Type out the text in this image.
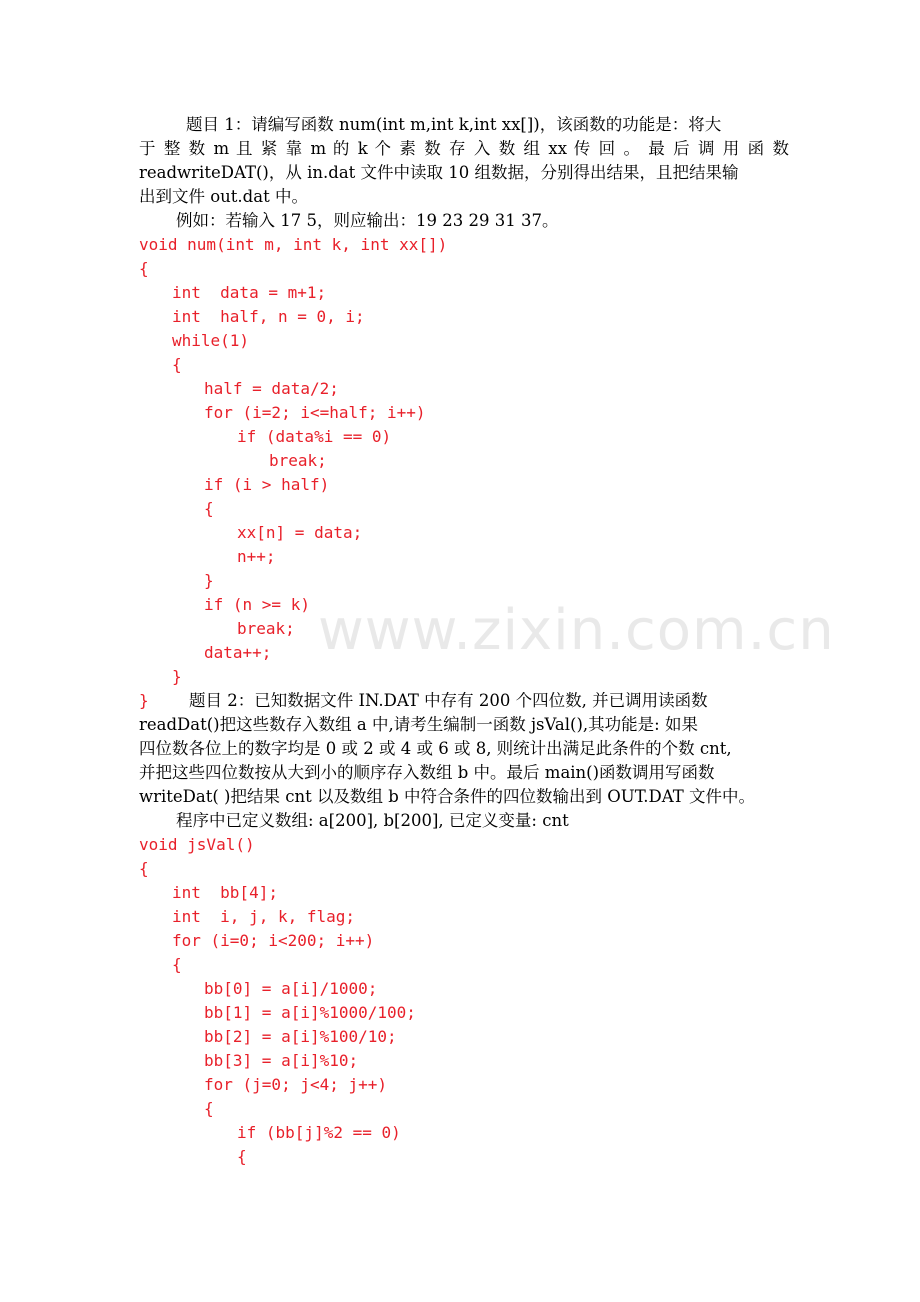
www.zixin.com.cn
题目 1：请编写函数 num(int m,int k,int xx[])，该函数的功能是：将大
于 整 数 m 且 紧 靠 m 的 k 个 素 数 存 入 数 组 xx 传 回 。 最 后 调 用 函 数
readwriteDAT()，从 in.dat 文件中读取 10 组数据，分别得出结果，且把结果输
出到文件 out.dat 中。
例如：若输入 17 5，则应输出：19 23 29 31 37。
void num(int m, int k, int xx[])
{
int  data = m+1;
int  half, n = 0, i;
while(1)
{
half = data/2;
for (i=2; i<=half; i++)
if (data%i == 0)
break;
if (i > half)
{
xx[n] = data;
n++;
}
if (n >= k)
break;
data++;
}
} 题目 2：已知数据文件 IN.DAT 中存有 200 个四位数, 并已调用读函数
readDat()把这些数存入数组 a 中,请考生编制一函数 jsVal(),其功能是: 如果
四位数各位上的数字均是 0 或 2 或 4 或 6 或 8, 则统计出满足此条件的个数 cnt,
并把这些四位数按从大到小的顺序存入数组 b 中。最后 main()函数调用写函数
writeDat( )把结果 cnt 以及数组 b 中符合条件的四位数输出到 OUT.DAT 文件中。
程序中已定义数组: a[200], b[200], 已定义变量: cnt
void jsVal()
{
int  bb[4];
int  i, j, k, flag;
for (i=0; i<200; i++)
{
bb[0] = a[i]/1000;
bb[1] = a[i]%1000/100;
bb[2] = a[i]%100/10;
bb[3] = a[i]%10;
for (j=0; j<4; j++)
{
if (bb[j]%2 == 0)
{
